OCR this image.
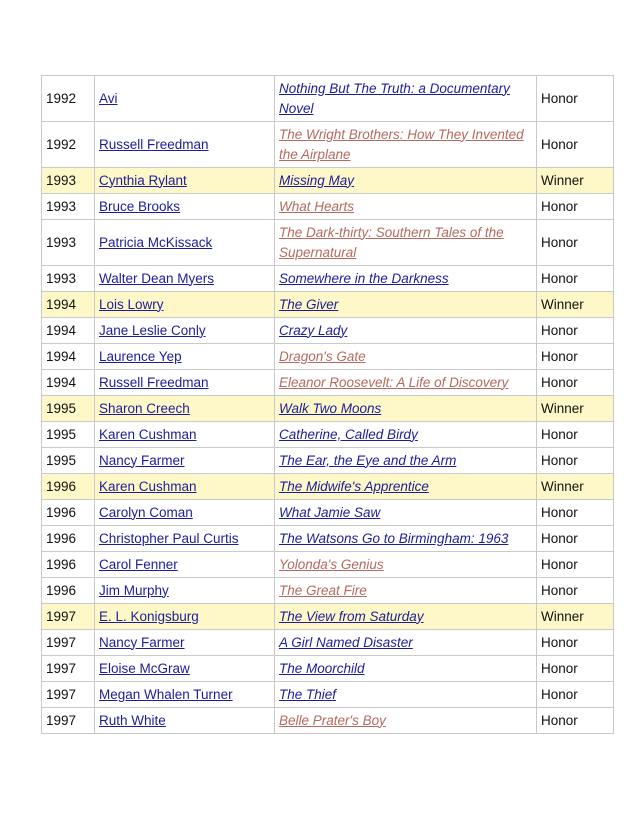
1992	Avi	Nothing But The Truth: a Documentary Novel	Honor
1992	Russell Freedman	The Wright Brothers: How They Invented the Airplane	Honor
1993	Cynthia Rylant	Missing May	Winner
1993	Bruce Brooks	What Hearts	Honor
1993	Patricia McKissack	The Dark-thirty: Southern Tales of the Supernatural	Honor
1993	Walter Dean Myers	Somewhere in the Darkness	Honor
1994	Lois Lowry	The Giver	Winner
1994	Jane Leslie Conly	Crazy Lady	Honor
1994	Laurence Yep	Dragon's Gate	Honor
1994	Russell Freedman	Eleanor Roosevelt: A Life of Discovery	Honor
1995	Sharon Creech	Walk Two Moons	Winner
1995	Karen Cushman	Catherine, Called Birdy	Honor
1995	Nancy Farmer	The Ear, the Eye and the Arm	Honor
1996	Karen Cushman	The Midwife's Apprentice	Winner
1996	Carolyn Coman	What Jamie Saw	Honor
1996	Christopher Paul Curtis	The Watsons Go to Birmingham: 1963	Honor
1996	Carol Fenner	Yolonda's Genius	Honor
1996	Jim Murphy	The Great Fire	Honor
1997	E. L. Konigsburg	The View from Saturday	Winner
1997	Nancy Farmer	A Girl Named Disaster	Honor
1997	Eloise McGraw	The Moorchild	Honor
1997	Megan Whalen Turner	The Thief	Honor
1997	Ruth White	Belle Prater's Boy	Honor
